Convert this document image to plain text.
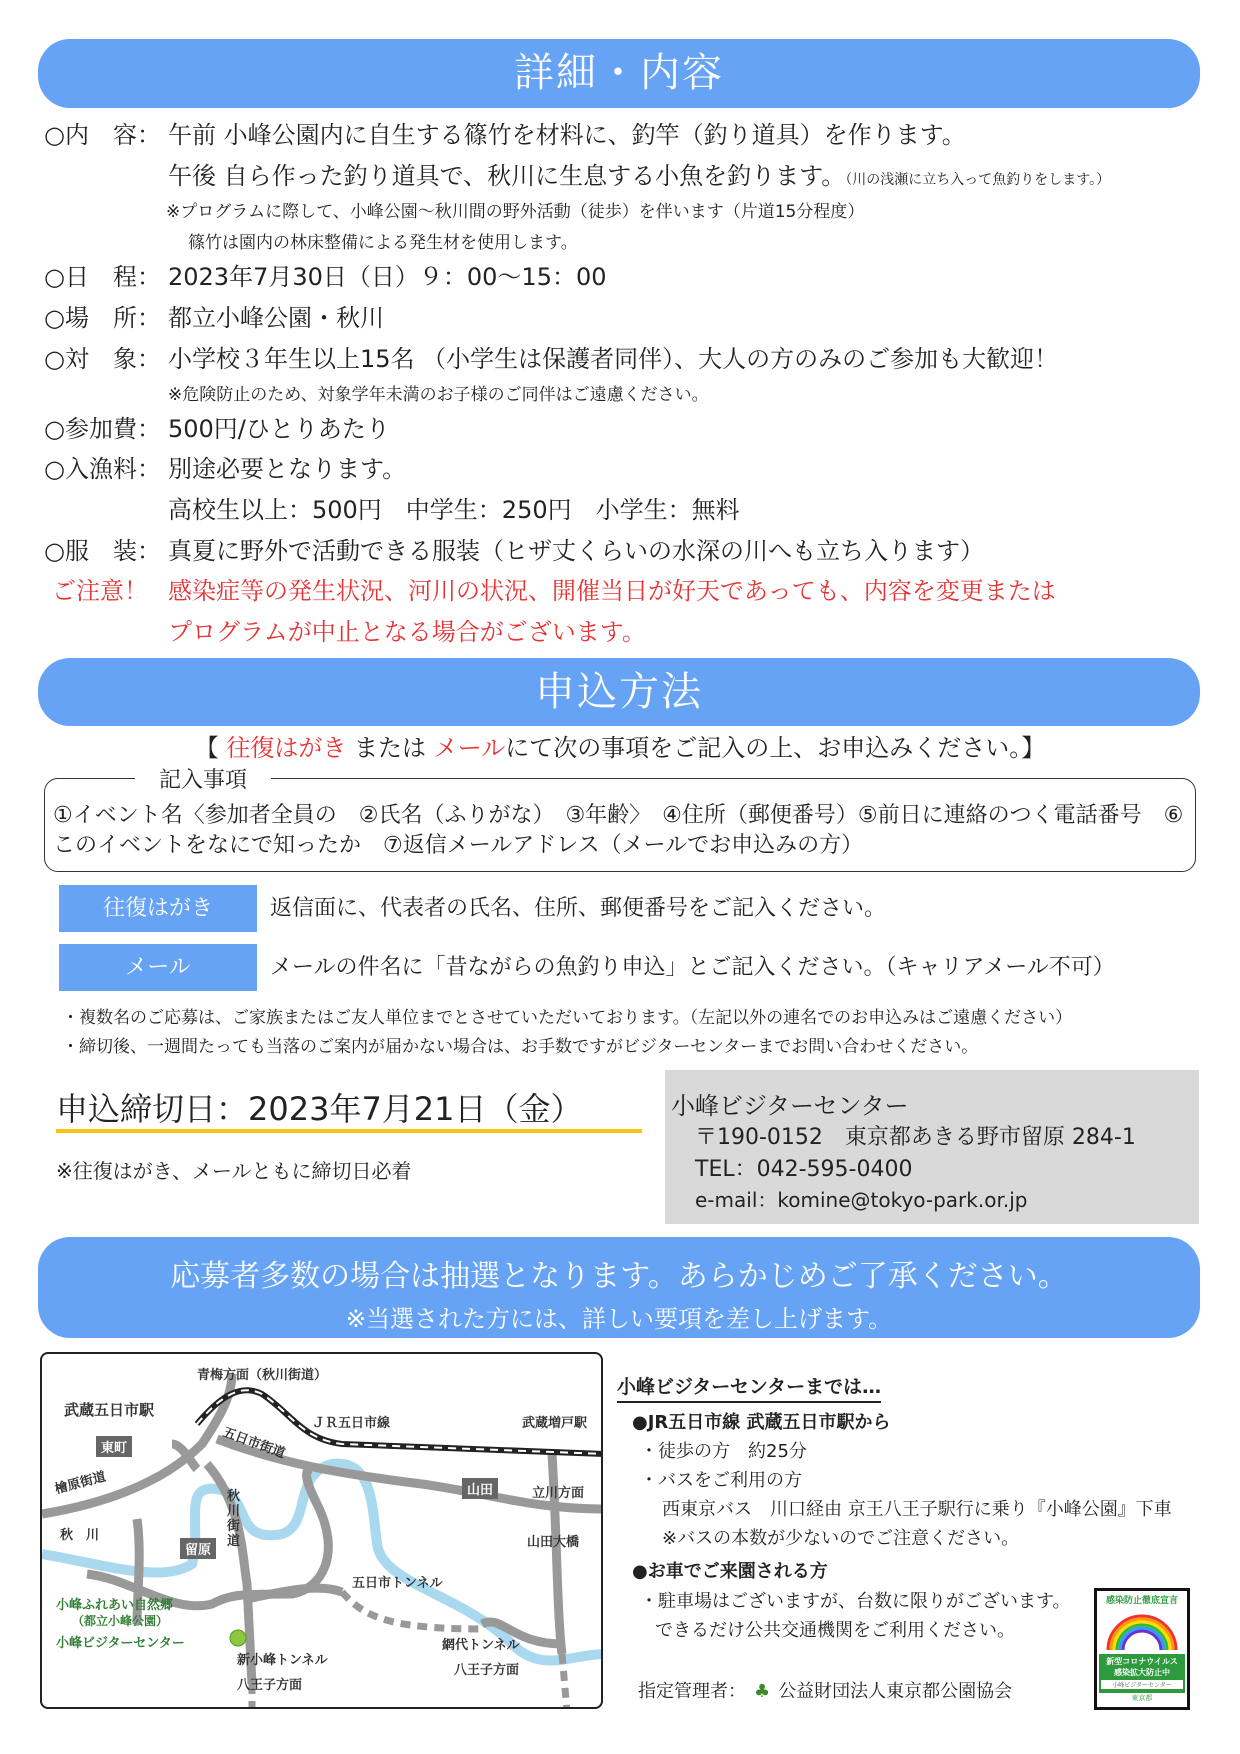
詳細・内容
○内　容： 午前 小峰公園内に自生する篠竹を材料に、釣竿（釣り道具）を作ります。
午後 自ら作った釣り道具で、秋川に生息する小魚を釣ります。（川の浅瀬に立ち入って魚釣りをします。）
※プログラムに際して、小峰公園～秋川間の野外活動（徒歩）を伴います（片道15分程度）
篠竹は園内の林床整備による発生材を使用します。
○日　程： 2023年7月30日（日）９：00～15：00
○場　所： 都立小峰公園・秋川
○対　象： 小学校３年生以上15名 （小学生は保護者同伴）、大人の方のみのご参加も大歓迎！
※危険防止のため、対象学年未満のお子様のご同伴はご遠慮ください。
○参加費： 500円/ひとりあたり
○入漁料： 別途必要となります。
高校生以上：500円　中学生：250円　小学生：無料
○服　装： 真夏に野外で活動できる服装（ヒザ丈くらいの水深の川へも立ち入ります）
ご注意！ 感染症等の発生状況、河川の状況、開催当日が好天であっても、内容を変更または
プログラムが中止となる場合がございます。
申込方法
【 往復はがき または メールにて次の事項をご記入の上、お申込みください。】
記入事項
①イベント名〈参加者全員の　②氏名（ふりがな）　③年齢〉　④住所（郵便番号）⑤前日に連絡のつく電話番号　⑥このイベントをなにで知ったか　⑦返信メールアドレス（メールでお申込みの方）
往復はがき	返信面に、代表者の氏名、住所、郵便番号をご記入ください。
メール	メールの件名に「昔ながらの魚釣り申込」とご記入ください。（キャリアメール不可）
・複数名のご応募は、ご家族またはご友人単位までとさせていただいております。（左記以外の連名でのお申込みはご遠慮ください）
・締切後、一週間たっても当落のご案内が届かない場合は、お手数ですがビジターセンターまでお問い合わせください。
申込締切日：2023年7月21日（金）
※往復はがき、メールともに締切日必着
小峰ビジターセンター
〒190-0152　東京都あきる野市留原 284-1
TEL：042-595-0400
e-mail：komine@tokyo-park.or.jp
応募者多数の場合は抽選となります。あらかじめご了承ください。
※当選された方には、詳しい要項を差し上げます。
青梅方面（秋川街道）
武蔵五日市駅
ＪＲ五日市線	武蔵増戸駅
東町	五日市街道
檜原街道
秋　川
秋川街道
山田	立川方面
山田大橋
留原
五日市トンネル
小峰ふれあい自然郷
（都立小峰公園）
小峰ビジターセンター
新小峰トンネル
八王子方面
網代トンネル
八王子方面
小峰ビジターセンターまでは…
●JR五日市線 武蔵五日市駅から
・徒歩の方　約25分
・バスをご利用の方
西東京バス　川口経由 京王八王子駅行に乗り『小峰公園』下車
※バスの本数が少ないのでご注意ください。
●お車でご来園される方
・駐車場はございますが、台数に限りがございます。
できるだけ公共交通機関をご利用ください。
指定管理者： ♣ 公益財団法人東京都公園協会
感染防止徹底宣言
新型コロナウイルス
感染拡大防止中
小峰ビジターセンター
東京都
